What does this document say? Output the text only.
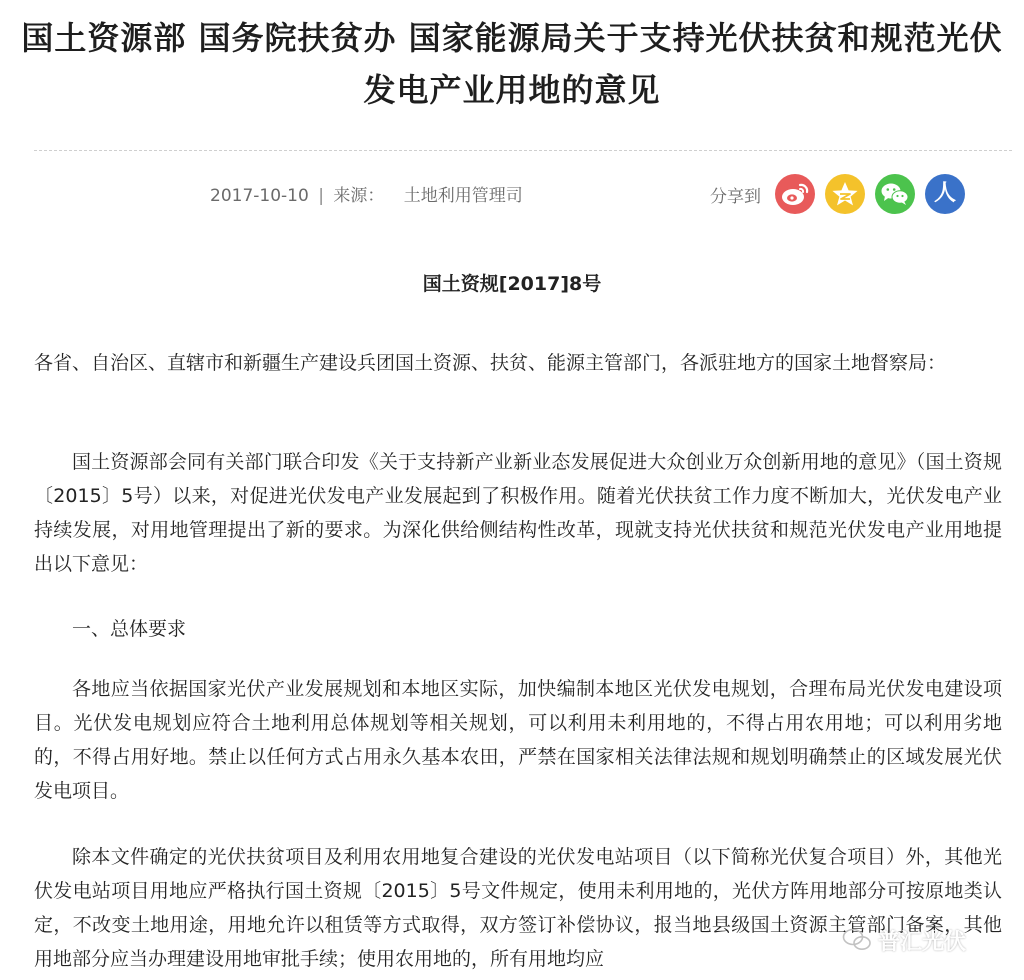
国土资源部 国务院扶贫办 国家能源局关于支持光伏扶贫和规范光伏发电产业用地的意见
2017-10-10 | 来源： 土地利用管理司	分享到	人
国土资规[2017]8号

各省、自治区、直辖市和新疆生产建设兵团国土资源、扶贫、能源主管部门，各派驻地方的国家土地督察局：

国土资源部会同有关部门联合印发《关于支持新产业新业态发展促进大众创业万众创新用地的意见》（国土资规〔2015〕5号）以来，对促进光伏发电产业发展起到了积极作用。随着光伏扶贫工作力度不断加大，光伏发电产业持续发展，对用地管理提出了新的要求。为深化供给侧结构性改革，现就支持光伏扶贫和规范光伏发电产业用地提出以下意见：

一、总体要求

各地应当依据国家光伏产业发展规划和本地区实际，加快编制本地区光伏发电规划，合理布局光伏发电建设项目。光伏发电规划应符合土地利用总体规划等相关规划，可以利用未利用地的，不得占用农用地；可以利用劣地的，不得占用好地。禁止以任何方式占用永久基本农田，严禁在国家相关法律法规和规划明确禁止的区域发展光伏发电项目。

除本文件确定的光伏扶贫项目及利用农用地复合建设的光伏发电站项目（以下简称光伏复合项目）外，其他光伏发电站项目用地应严格执行国土资规〔2015〕5号文件规定，使用未利用地的，光伏方阵用地部分可按原地类认定，不改变土地用途，用地允许以租赁等方式取得，双方签订补偿协议，报当地县级国土资源主管部门备案，其他用地部分应当办理建设用地审批手续；使用农用地的，所有用地均应

普汇光伏
